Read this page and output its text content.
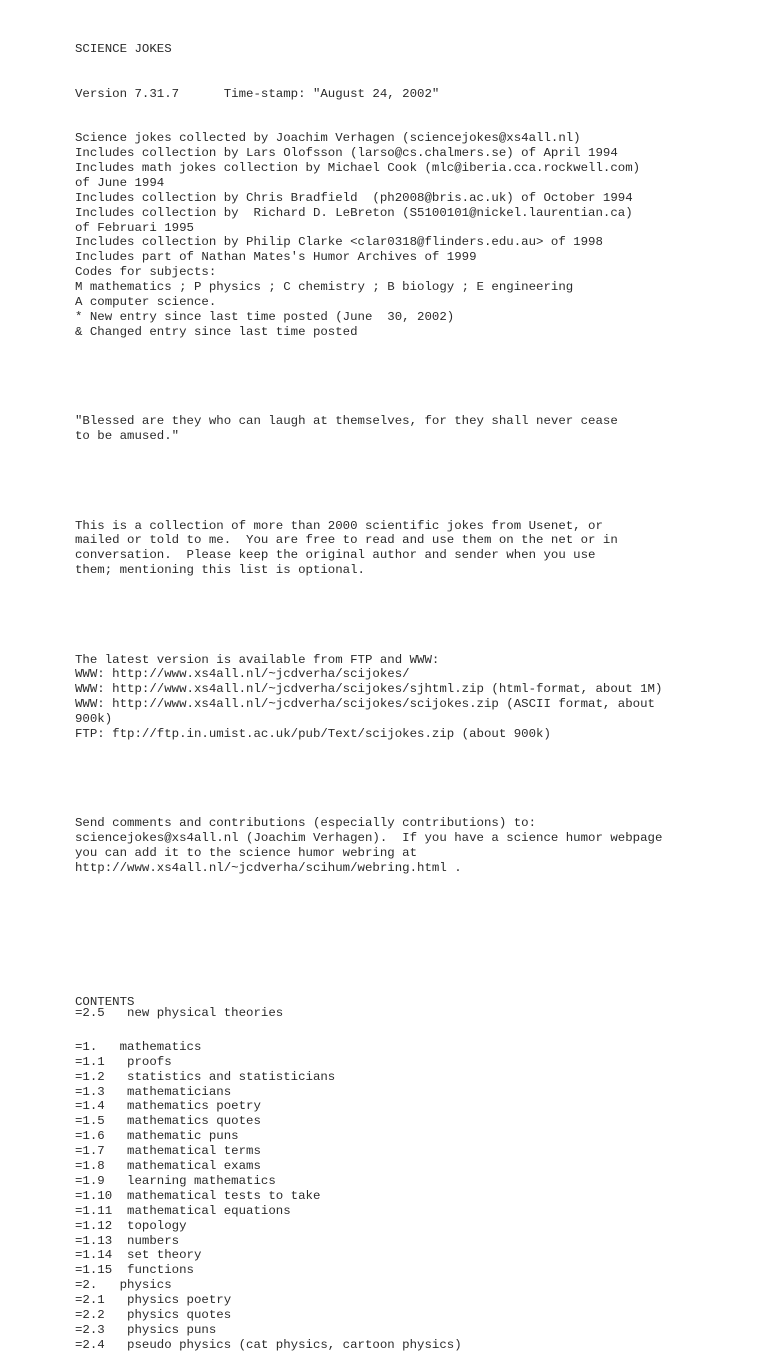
SCIENCE JOKES

Version 7.31.7      Time-stamp: "August 24, 2002"

Science jokes collected by Joachim Verhagen (sciencejokes@xs4all.nl)
Includes collection by Lars Olofsson (larso@cs.chalmers.se) of April 1994
Includes math jokes collection by Michael Cook (mlc@iberia.cca.rockwell.com)
of June 1994
Includes collection by Chris Bradfield  (ph2008@bris.ac.uk) of October 1994
Includes collection by  Richard D. LeBreton (S5100101@nickel.laurentian.ca)
of Februari 1995
Includes collection by Philip Clarke <clar0318@flinders.edu.au> of 1998
Includes part of Nathan Mates's Humor Archives of 1999
Codes for subjects:
M mathematics ; P physics ; C chemistry ; B biology ; E engineering
A computer science.
* New entry since last time posted (June  30, 2002)
& Changed entry since last time posted

"Blessed are they who can laugh at themselves, for they shall never cease
to be amused."

This is a collection of more than 2000 scientific jokes from Usenet, or
mailed or told to me.  You are free to read and use them on the net or in
conversation.  Please keep the original author and sender when you use
them; mentioning this list is optional.

The latest version is available from FTP and WWW:
WWW: http://www.xs4all.nl/~jcdverha/scijokes/
WWW: http://www.xs4all.nl/~jcdverha/scijokes/sjhtml.zip (html-format, about 1M)
WWW: http://www.xs4all.nl/~jcdverha/scijokes/scijokes.zip (ASCII format, about
900k)
FTP: ftp://ftp.in.umist.ac.uk/pub/Text/scijokes.zip (about 900k)

Send comments and contributions (especially contributions) to:
sciencejokes@xs4all.nl (Joachim Verhagen).  If you have a science humor webpage
you can add it to the science humor webring at
http://www.xs4all.nl/~jcdverha/scihum/webring.html .

CONTENTS

=1.   mathematics
=1.1   proofs
=1.2   statistics and statisticians
=1.3   mathematicians
=1.4   mathematics poetry
=1.5   mathematics quotes
=1.6   mathematic puns
=1.7   mathematical terms
=1.8   mathematical exams
=1.9   learning mathematics
=1.10  mathematical tests to take
=1.11  mathematical equations
=1.12  topology
=1.13  numbers
=1.14  set theory
=1.15  functions
=2.   physics
=2.1   physics poetry
=2.2   physics quotes
=2.3   physics puns
=2.4   pseudo physics (cat physics, cartoon physics)

=2.5   new physical theories
